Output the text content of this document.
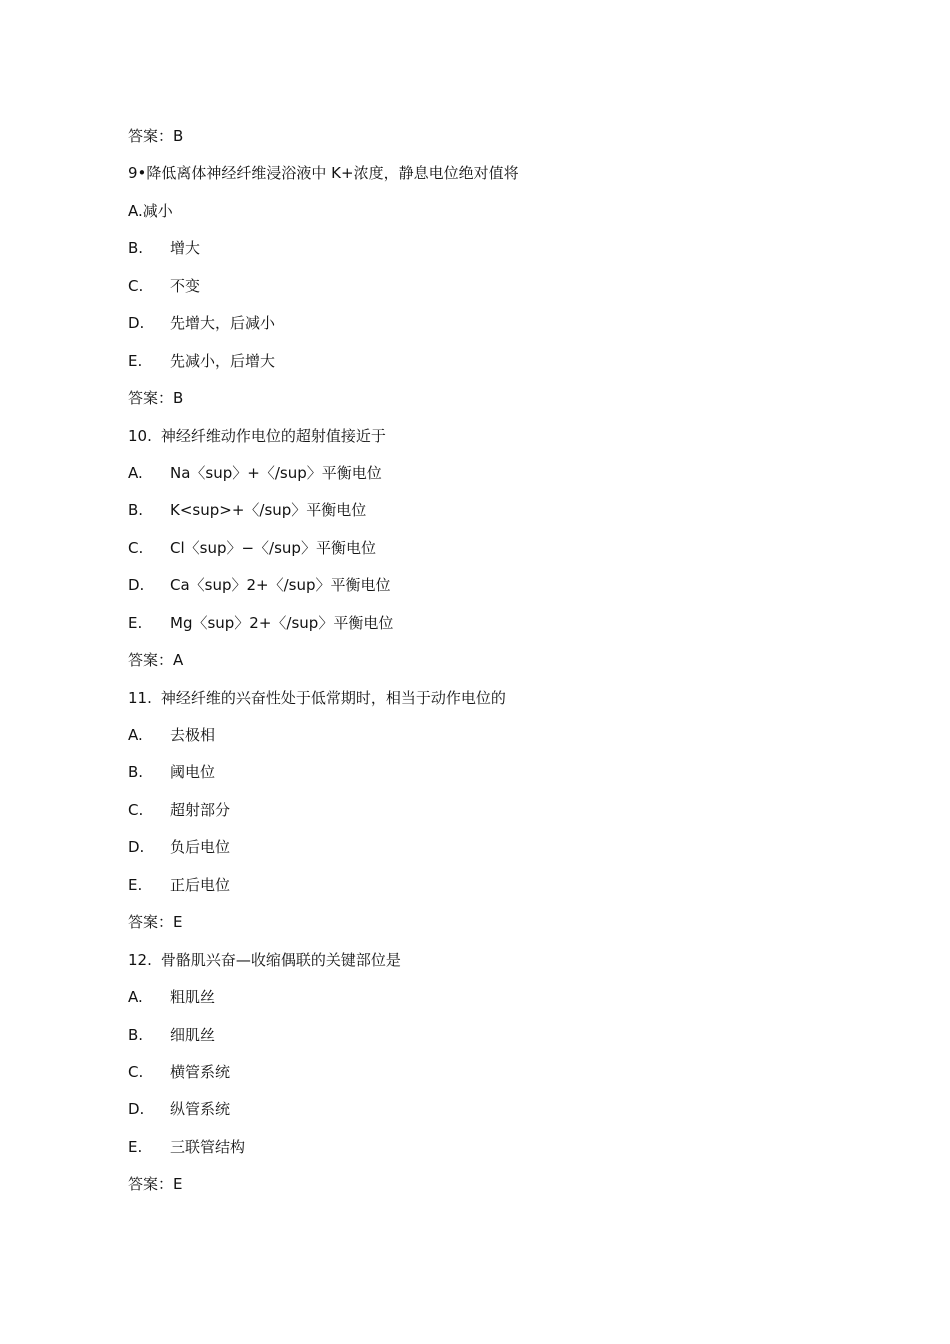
答案： B
9• 降低离体神经纤维浸浴液中 K+浓度，静息电位绝对值将
A. 减小
B.	增大
C.	不变
D.	先增大，后减小
E.	先减小，后增大
答案： B
10. 神经纤维动作电位的超射值接近于
A.	Na〈sup〉+〈/sup〉平衡电位
B.	K<sup>+〈/sup〉平衡电位
C.	Cl〈sup〉−〈/sup〉平衡电位
D.	Ca〈sup〉2+〈/sup〉平衡电位
E.	Mg〈sup〉2+〈/sup〉平衡电位
答案： A
11. 神经纤维的兴奋性处于低常期时，相当于动作电位的
A.	去极相
B.	阈电位
C.	超射部分
D.	负后电位
E.	正后电位
答案： E
12. 骨骼肌兴奋—收缩偶联的关键部位是
A.	粗肌丝
B.	细肌丝
C.	横管系统
D.	纵管系统
E.	三联管结构
答案： E
